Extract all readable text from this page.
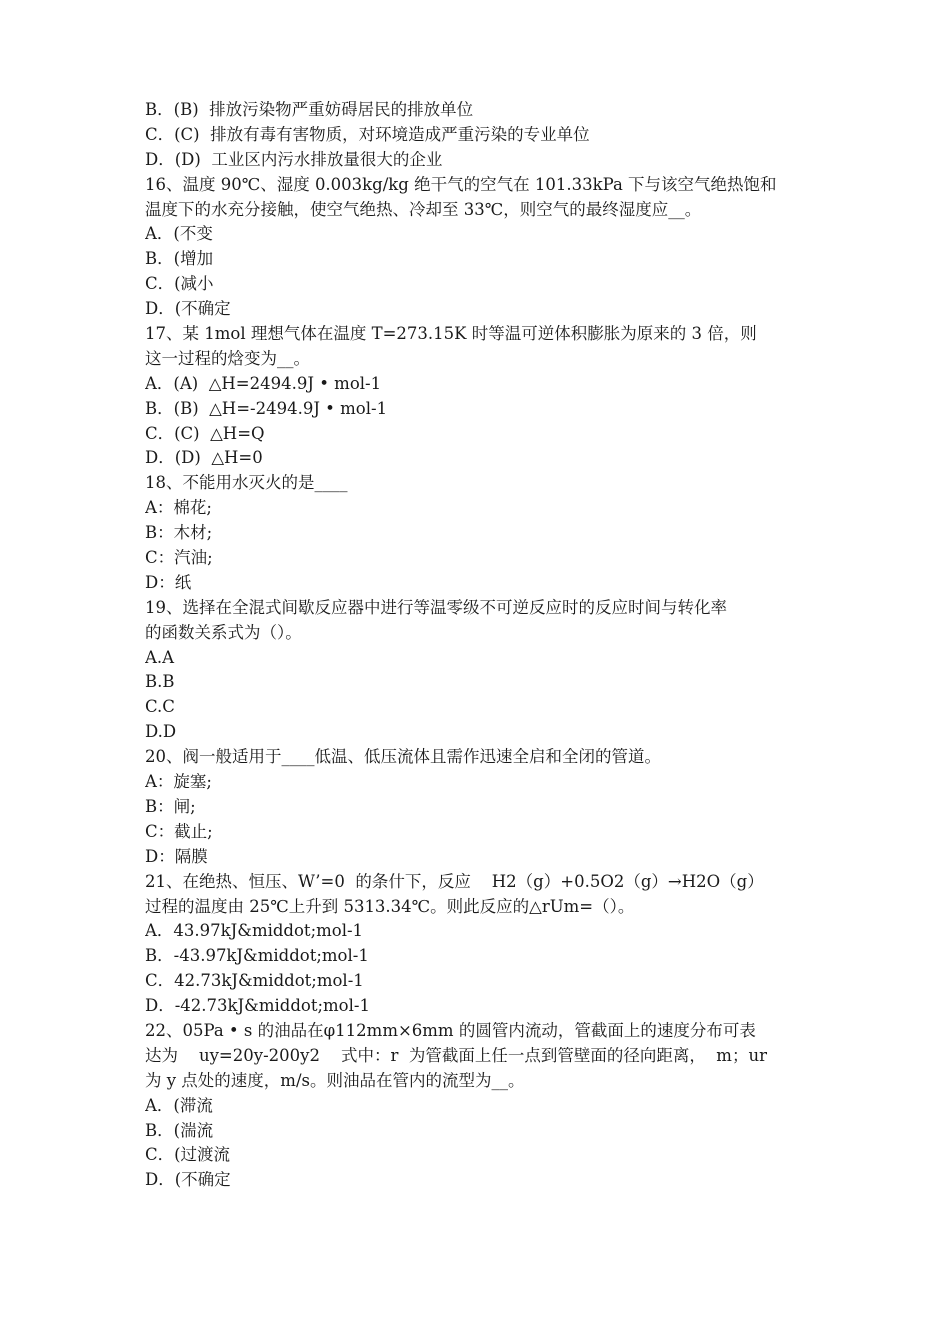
B．(B)  排放污染物严重妨碍居民的排放单位
C．(C)  排放有毒有害物质，对环境造成严重污染的专业单位
D．(D)  工业区内污水排放量很大的企业
16、温度 90℃、湿度 0.003kg/kg 绝干气的空气在 101.33kPa 下与该空气绝热饱和
温度下的水充分接触，使空气绝热、冷却至 33℃，则空气的最终湿度应__。
A．(不变
B．(增加
C．(减小
D．(不确定
17、某 1mol 理想气体在温度 T=273.15K 时等温可逆体积膨胀为原来的 3 倍，则
这一过程的焓变为__。
A．(A)  △H=2494.9J • mol-1
B．(B)  △H=-2494.9J • mol-1
C．(C)  △H=Q
D．(D)  △H=0
18、不能用水灭火的是____
A：棉花;
B：木材;
C：汽油;
D：纸
19、选择在全混式间歇反应器中进行等温零级不可逆反应时的反应时间与转化率
的函数关系式为（）。
A.A
B.B
C.C
D.D
20、阀一般适用于____低温、低压流体且需作迅速全启和全闭的管道。
A：旋塞;
B：闸;
C：截止;
D：隔膜
21、在绝热、恒压、W’=0  的条什下，反应    H2（g）+0.5O2（g）→H2O（g）
过程的温度由 25℃上升到 5313.34℃。则此反应的△rUm=（）。
A．43.97kJ&middot;mol-1
B．-43.97kJ&middot;mol-1
C．42.73kJ&middot;mol-1
D．-42.73kJ&middot;mol-1
22、05Pa • s 的油品在φ112mm×6mm 的圆管内流动，管截面上的速度分布可表
达为    uy=20y-200y2    式中：r  为管截面上任一点到管壁面的径向距离，  m；ur
为 y 点处的速度，m/s。则油品在管内的流型为__。
A．(滞流
B．(湍流
C．(过渡流
D．(不确定
